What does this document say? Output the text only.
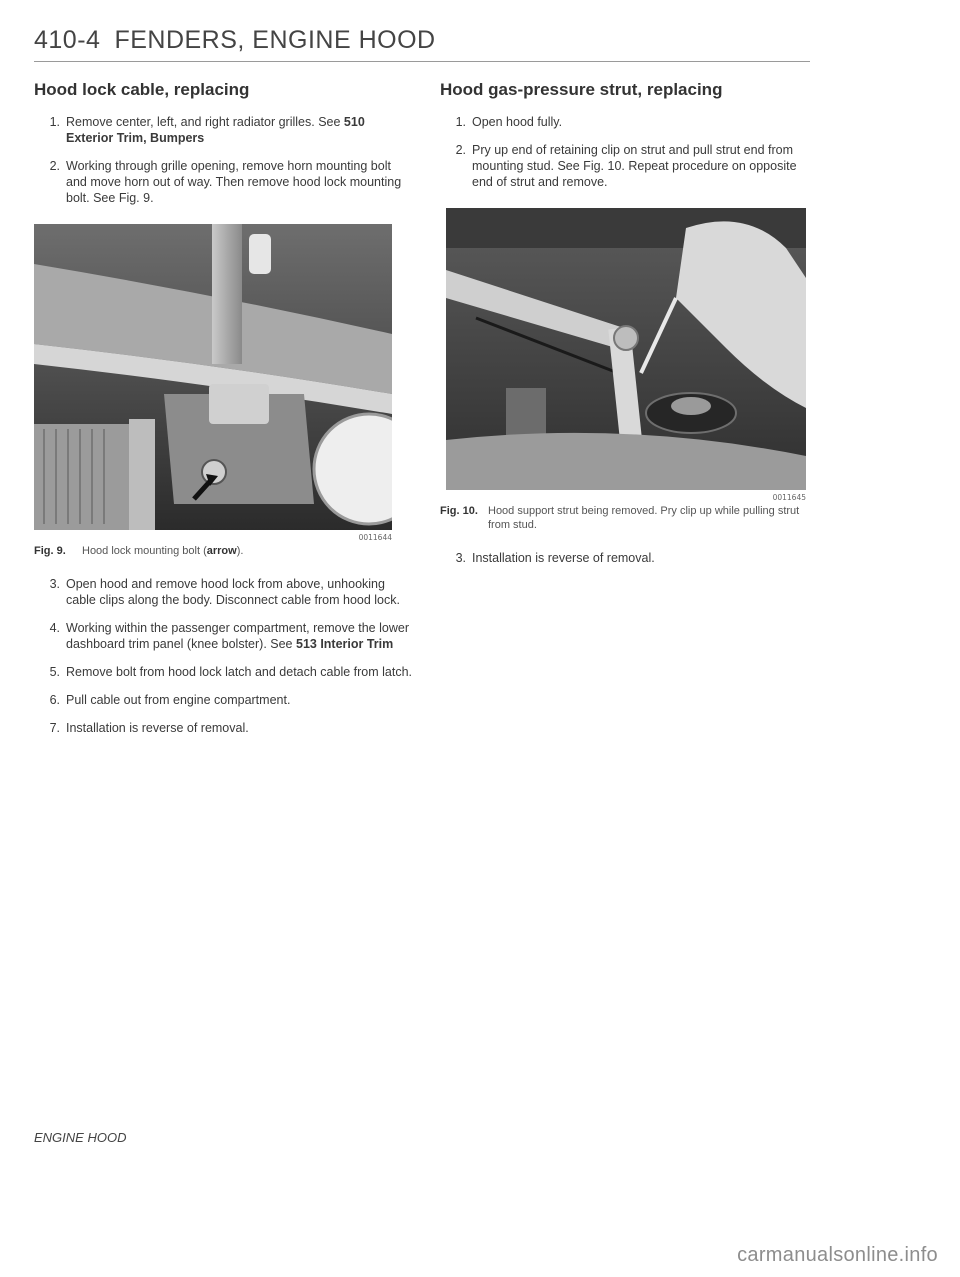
410-4 FENDERS, ENGINE HOOD
Hood lock cable, replacing
1. Remove center, left, and right radiator grilles. See 510 Exterior Trim, Bumpers
2. Working through grille opening, remove horn mounting bolt and move horn out of way. Then remove hood lock mounting bolt. See Fig. 9.
0011644
Fig. 9. Hood lock mounting bolt (arrow).
3. Open hood and remove hood lock from above, unhooking cable clips along the body. Disconnect cable from hood lock.
4. Working within the passenger compartment, remove the lower dashboard trim panel (knee bolster). See 513 Interior Trim
5. Remove bolt from hood lock latch and detach cable from latch.
6. Pull cable out from engine compartment.
7. Installation is reverse of removal.
Hood gas-pressure strut, replacing
1. Open hood fully.
2. Pry up end of retaining clip on strut and pull strut end from mounting stud. See Fig. 10. Repeat procedure on opposite end of strut and remove.
0011645
Fig. 10. Hood support strut being removed. Pry clip up while pulling strut from stud.
3. Installation is reverse of removal.
ENGINE HOOD
carmanualsonline.info
